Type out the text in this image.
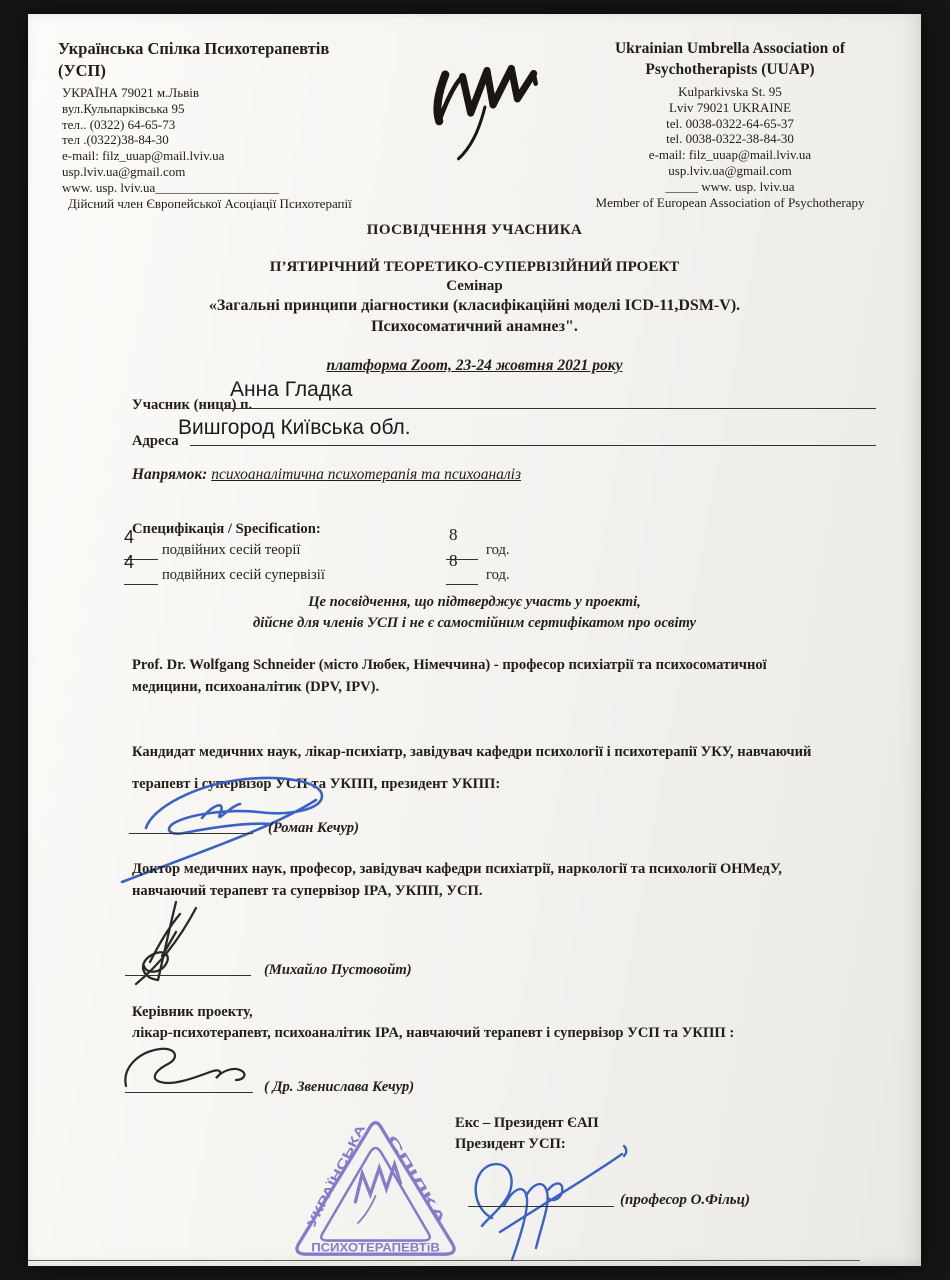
Українська Спілка Психотерапевтів
(УСП)
УКРАЇНА 79021 м.Львів
вул.Кульпарківська 95
тел.. (0322) 64-65-73
тел .(0322)38-84-30
e-mail: filz_uuap@mail.lviv.ua
usp.lviv.ua@gmail.com
www. usp. lviv.ua___________________
Дійсний член Європейської Асоціації Психотерапії
Ukrainian Umbrella Association of
Psychotherapists (UUAP)
Kulparkivska St. 95
Lviv 79021 UKRAINE
tel. 0038-0322-64-65-37
tel. 0038-0322-38-84-30
e-mail: filz_uuap@mail.lviv.ua
usp.lviv.ua@gmail.com
_____ www. usp. lviv.ua
Member of European Association of Psychotherapy
ПОСВІДЧЕННЯ УЧАСНИКА
П’ЯТИРІЧНИЙ ТЕОРЕТИКО-СУПЕРВІЗІЙНИЙ ПРОЕКТ
Семінар
«Загальні принципи діагностики (класифікаційні моделі ICD-11,DSM-V).
Психосоматичний анамнез".
платформа Zoom, 23-24 жовтня 2021 року
Учасник (ниця) п.
Анна Гладка
Адреса
Вишгород Київська обл.
Напрямок: психоаналітична психотерапія та психоаналіз
Специфікація / Specification:
4
подвійних сесій теорії
8
год.
4
подвійних сесій супервізії
8
год.
Це посвідчення, що підтверджує участь у проекті,
дійсне для членів УСП і не є самостійним сертифікатом про освіту
Prof. Dr. Wolfgang Schneider (місто Любек, Німеччина) - професор психіатрії та психосоматичної
медицини, психоаналітик (DPV, IPV).
Кандидат медичних наук, лікар-психіатр, завідувач кафедри психології і психотерапії УКУ, навчаючий
терапевт і супервізор УСП та УКПП, президент УКПП:
(Роман Кечур)
Доктор медичних наук, професор, завідувач кафедри психіатрії, наркології та психології ОНМедУ,
навчаючий терапевт та супервізор IPA, УКПП, УСП.
(Михайло Пустовойт)
Керівник проекту,
лікар-психотерапевт, психоаналітик IPA, навчаючий терапевт і супервізор УСП та УКПП :
( Др. Звенислава Кечур)
УКРАЇНСЬКА	СПІЛКА
ПСИХОТЕРАПЕВТіВ
Екс – Президент ЄАП
Президент УСП:
(професор О.Фільц)
